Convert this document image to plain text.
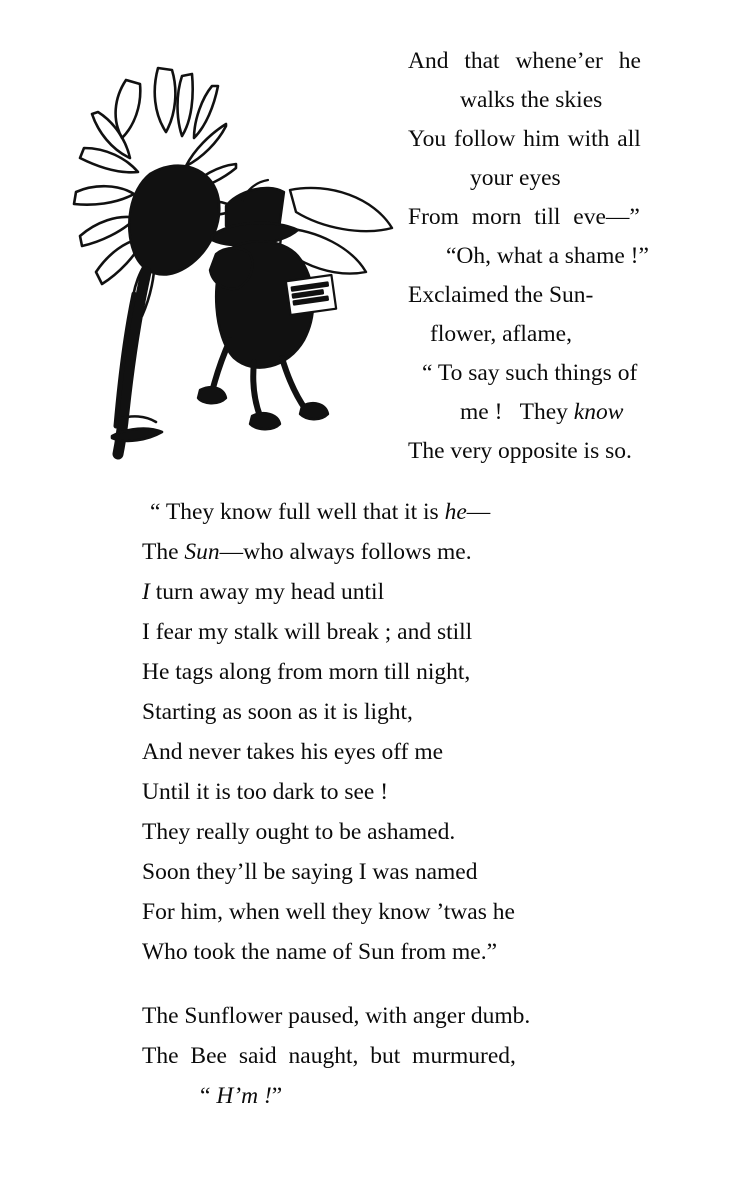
And that whene’er he
walks the skies
You follow him with all
your eyes
From morn till eve—”
“Oh, what a shame !”
Exclaimed the Sun-
flower, aflame,
“ To say such things of
me !   They know
The very opposite is so.
“ They know full well that it is he—
The Sun—who always follows me.
I turn away my head until
I fear my stalk will break ; and still
He tags along from morn till night,
Starting as soon as it is light,
And never takes his eyes off me
Until it is too dark to see !
They really ought to be ashamed.
Soon they’ll be saying I was named
For him, when well they know ’twas he
Who took the name of Sun from me.”
The Sunflower paused, with anger dumb.
The Bee said naught, but murmured,
“ H’m !”
